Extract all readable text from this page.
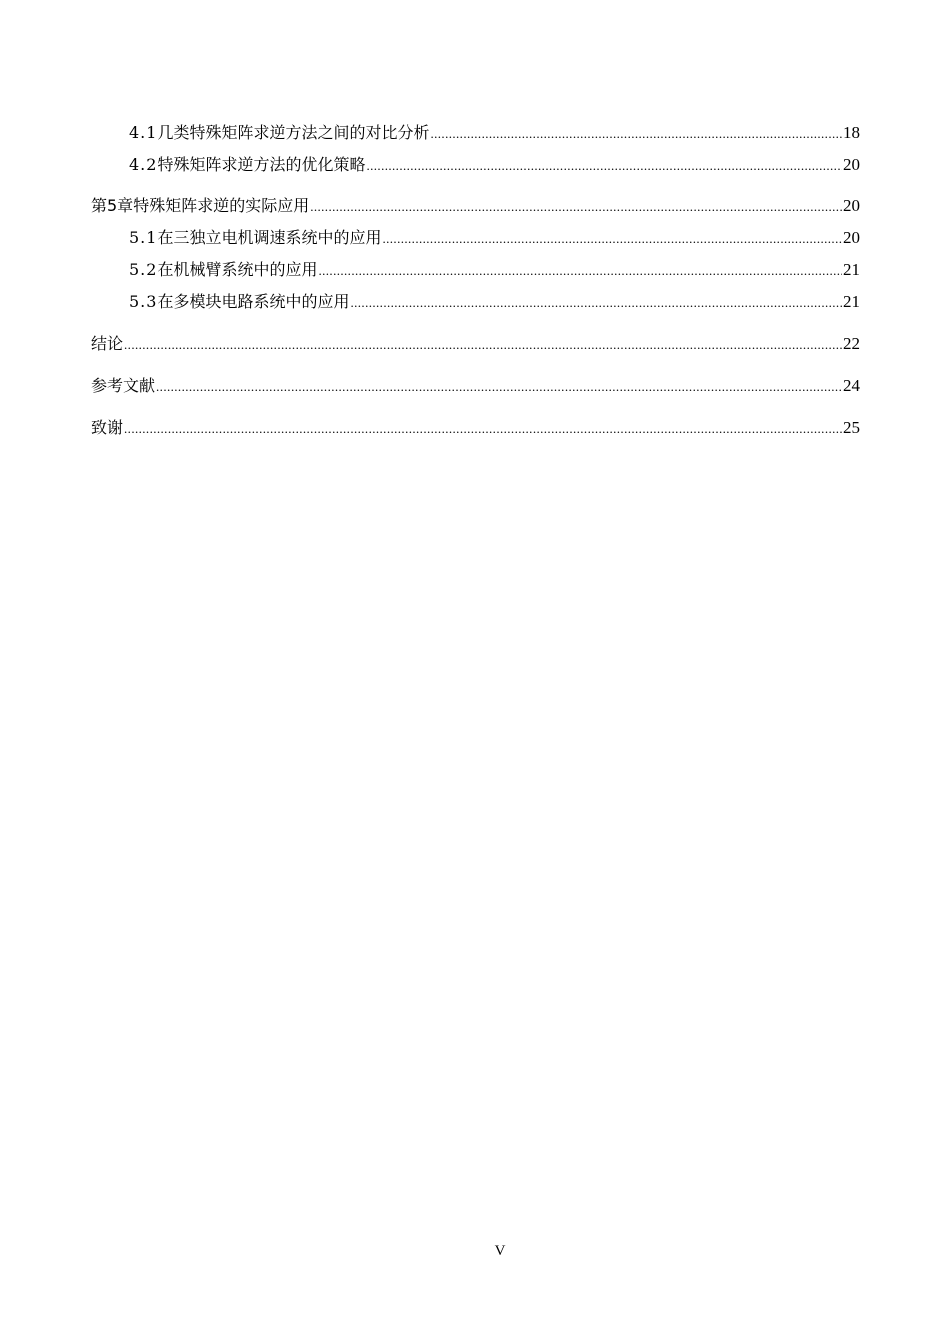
4.1 几类特殊矩阵求逆方法之间的对比分析 .....	18
4.2 特殊矩阵求逆方法的优化策略 .....	20
第5章 特殊矩阵求逆的实际应用 .....	20
5.1 在三独立电机调速系统中的应用 .....	20
5.2 在机械臂系统中的应用 .....	21
5.3 在多模块电路系统中的应用 .....	21
结论 .....	22
参考文献 .....	24
致谢 .....	25
V
